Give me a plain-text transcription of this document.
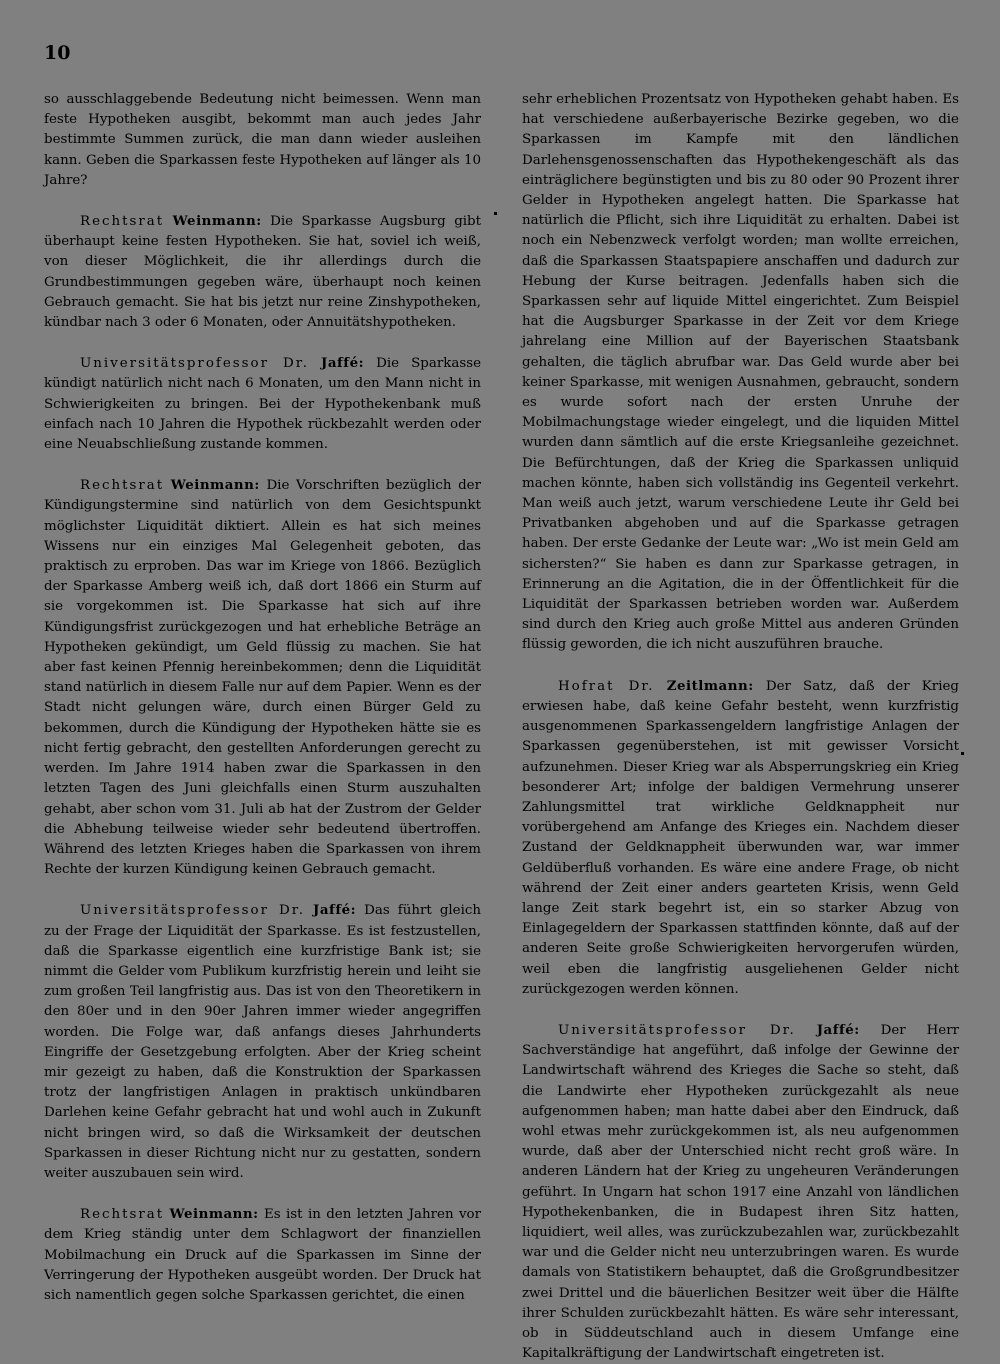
10

so ausschlaggebende Bedeutung nicht beimessen. Wenn man feste Hypotheken ausgibt, bekommt man auch jedes Jahr bestimmte Summen zurück, die man dann wieder ausleihen kann. Geben die Sparkassen feste Hypotheken auf länger als 10 Jahre?

Rechtsrat Weinmann: Die Sparkasse Augsburg gibt überhaupt keine festen Hypotheken. Sie hat, soviel ich weiß, von dieser Möglichkeit, die ihr allerdings durch die Grundbestimmungen gegeben wäre, überhaupt noch keinen Gebrauch gemacht. Sie hat bis jetzt nur reine Zinshypotheken, kündbar nach 3 oder 6 Monaten, oder Annuitätshypotheken.

Universitätsprofessor Dr. Jaffé: Die Sparkasse kündigt natürlich nicht nach 6 Monaten, um den Mann nicht in Schwierigkeiten zu bringen. Bei der Hypothekenbank muß einfach nach 10 Jahren die Hypothek rückbezahlt werden oder eine Neuabschließung zustande kommen.

Rechtsrat Weinmann: Die Vorschriften bezüglich der Kündigungstermine sind natürlich von dem Gesichtspunkt möglichster Liquidität diktiert. Allein es hat sich meines Wissens nur ein einziges Mal Gelegenheit geboten, das praktisch zu erproben. Das war im Kriege von 1866. Bezüglich der Sparkasse Amberg weiß ich, daß dort 1866 ein Sturm auf sie vorgekommen ist. Die Sparkasse hat sich auf ihre Kündigungsfrist zurückgezogen und hat erhebliche Beträge an Hypotheken gekündigt, um Geld flüssig zu machen. Sie hat aber fast keinen Pfennig hereinbekommen; denn die Liquidität stand natürlich in diesem Falle nur auf dem Papier. Wenn es der Stadt nicht gelungen wäre, durch einen Bürger Geld zu bekommen, durch die Kündigung der Hypotheken hätte sie es nicht fertig gebracht, den gestellten Anforderungen gerecht zu werden. Im Jahre 1914 haben zwar die Sparkassen in den letzten Tagen des Juni gleichfalls einen Sturm auszuhalten gehabt, aber schon vom 31. Juli ab hat der Zustrom der Gelder die Abhebung teilweise wieder sehr bedeutend übertroffen. Während des letzten Krieges haben die Sparkassen von ihrem Rechte der kurzen Kündigung keinen Gebrauch gemacht.

Universitätsprofessor Dr. Jaffé: Das führt gleich zu der Frage der Liquidität der Sparkasse. Es ist festzustellen, daß die Sparkasse eigentlich eine kurzfristige Bank ist; sie nimmt die Gelder vom Publikum kurzfristig herein und leiht sie zum großen Teil langfristig aus. Das ist von den Theoretikern in den 80er und in den 90er Jahren immer wieder angegriffen worden. Die Folge war, daß anfangs dieses Jahrhunderts Eingriffe der Gesetzgebung erfolgten. Aber der Krieg scheint mir gezeigt zu haben, daß die Konstruktion der Sparkassen trotz der langfristigen Anlagen in praktisch unkündbaren Darlehen keine Gefahr gebracht hat und wohl auch in Zukunft nicht bringen wird, so daß die Wirksamkeit der deutschen Sparkassen in dieser Richtung nicht nur zu gestatten, sondern weiter auszubauen sein wird.

Rechtsrat Weinmann: Es ist in den letzten Jahren vor dem Krieg ständig unter dem Schlagwort der finanziellen Mobilmachung ein Druck auf die Sparkassen im Sinne der Verringerung der Hypotheken ausgeübt worden. Der Druck hat sich namentlich gegen solche Sparkassen gerichtet, die einen

sehr erheblichen Prozentsatz von Hypotheken gehabt haben. Es hat verschiedene außerbayerische Bezirke gegeben, wo die Sparkassen im Kampfe mit den ländlichen Darlehensgenossenschaften das Hypothekengeschäft als das einträglichere begünstigten und bis zu 80 oder 90 Prozent ihrer Gelder in Hypotheken angelegt hatten. Die Sparkasse hat natürlich die Pflicht, sich ihre Liquidität zu erhalten. Dabei ist noch ein Nebenzweck verfolgt worden; man wollte erreichen, daß die Sparkassen Staatspapiere anschaffen und dadurch zur Hebung der Kurse beitragen. Jedenfalls haben sich die Sparkassen sehr auf liquide Mittel eingerichtet. Zum Beispiel hat die Augsburger Sparkasse in der Zeit vor dem Kriege jahrelang eine Million auf der Bayerischen Staatsbank gehalten, die täglich abrufbar war. Das Geld wurde aber bei keiner Sparkasse, mit wenigen Ausnahmen, gebraucht, sondern es wurde sofort nach der ersten Unruhe der Mobilmachungstage wieder eingelegt, und die liquiden Mittel wurden dann sämtlich auf die erste Kriegsanleihe gezeichnet. Die Befürchtungen, daß der Krieg die Sparkassen unliquid machen könnte, haben sich vollständig ins Gegenteil verkehrt. Man weiß auch jetzt, warum verschiedene Leute ihr Geld bei Privatbanken abgehoben und auf die Sparkasse getragen haben. Der erste Gedanke der Leute war: „Wo ist mein Geld am sichersten?“ Sie haben es dann zur Sparkasse getragen, in Erinnerung an die Agitation, die in der Öffentlichkeit für die Liquidität der Sparkassen betrieben worden war. Außerdem sind durch den Krieg auch große Mittel aus anderen Gründen flüssig geworden, die ich nicht auszuführen brauche.

Hofrat Dr. Zeitlmann: Der Satz, daß der Krieg erwiesen habe, daß keine Gefahr besteht, wenn kurzfristig ausgenommenen Sparkassengeldern langfristige Anlagen der Sparkassen gegenüberstehen, ist mit gewisser Vorsicht aufzunehmen. Dieser Krieg war als Absperrungskrieg ein Krieg besonderer Art; infolge der baldigen Vermehrung unserer Zahlungsmittel trat wirkliche Geldknappheit nur vorübergehend am Anfange des Krieges ein. Nachdem dieser Zustand der Geldknappheit überwunden war, war immer Geldüberfluß vorhanden. Es wäre eine andere Frage, ob nicht während der Zeit einer anders gearteten Krisis, wenn Geld lange Zeit stark begehrt ist, ein so starker Abzug von Einlagegeldern der Sparkassen stattfinden könnte, daß auf der anderen Seite große Schwierigkeiten hervorgerufen würden, weil eben die langfristig ausgeliehenen Gelder nicht zurückgezogen werden können.

Universitätsprofessor Dr. Jaffé: Der Herr Sachverständige hat angeführt, daß infolge der Gewinne der Landwirtschaft während des Krieges die Sache so steht, daß die Landwirte eher Hypotheken zurückgezahlt als neue aufgenommen haben; man hatte dabei aber den Eindruck, daß wohl etwas mehr zurückgekommen ist, als neu aufgenommen wurde, daß aber der Unterschied nicht recht groß wäre. In anderen Ländern hat der Krieg zu ungeheuren Veränderungen geführt. In Ungarn hat schon 1917 eine Anzahl von ländlichen Hypothekenbanken, die in Budapest ihren Sitz hatten, liquidiert, weil alles, was zurückzubezahlen war, zurückbezahlt war und die Gelder nicht neu unterzubringen waren. Es wurde damals von Statistikern behauptet, daß die Großgrundbesitzer zwei Drittel und die bäuerlichen Besitzer weit über die Hälfte ihrer Schulden zurückbezahlt hätten. Es wäre sehr interessant, ob in Süddeutschland auch in diesem Umfange eine Kapitalkräftigung der Landwirtschaft eingetreten ist.
